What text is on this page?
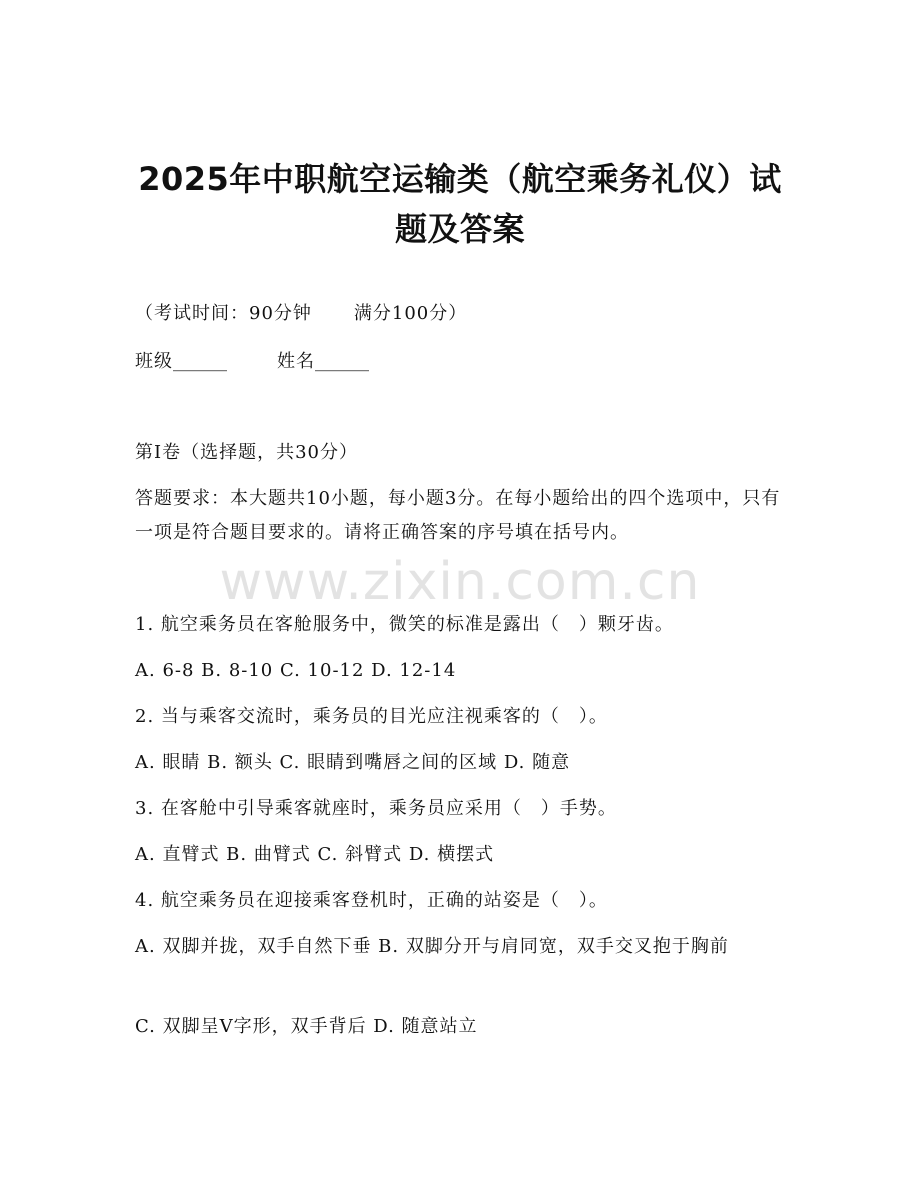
2025年中职航空运输类（航空乘务礼仪）试
题及答案
（考试时间：90分钟 满分100分）
班级______	姓名______
第Ⅰ卷（选择题，共30分）
答题要求：本大题共10小题，每小题3分。在每小题给出的四个选项中，只有一项是符合题目要求的。请将正确答案的序号填在括号内。
www.zixin.com.cn
1. 航空乘务员在客舱服务中，微笑的标准是露出（　）颗牙齿。
A. 6-8 B. 8-10 C. 10-12 D. 12-14
2. 当与乘客交流时，乘务员的目光应注视乘客的（　）。
A. 眼睛 B. 额头 C. 眼睛到嘴唇之间的区域 D. 随意
3. 在客舱中引导乘客就座时，乘务员应采用（　）手势。
A. 直臂式 B. 曲臂式 C. 斜臂式 D. 横摆式
4. 航空乘务员在迎接乘客登机时，正确的站姿是（　）。
A. 双脚并拢，双手自然下垂 B. 双脚分开与肩同宽，双手交叉抱于胸前
C. 双脚呈V字形，双手背后 D. 随意站立
